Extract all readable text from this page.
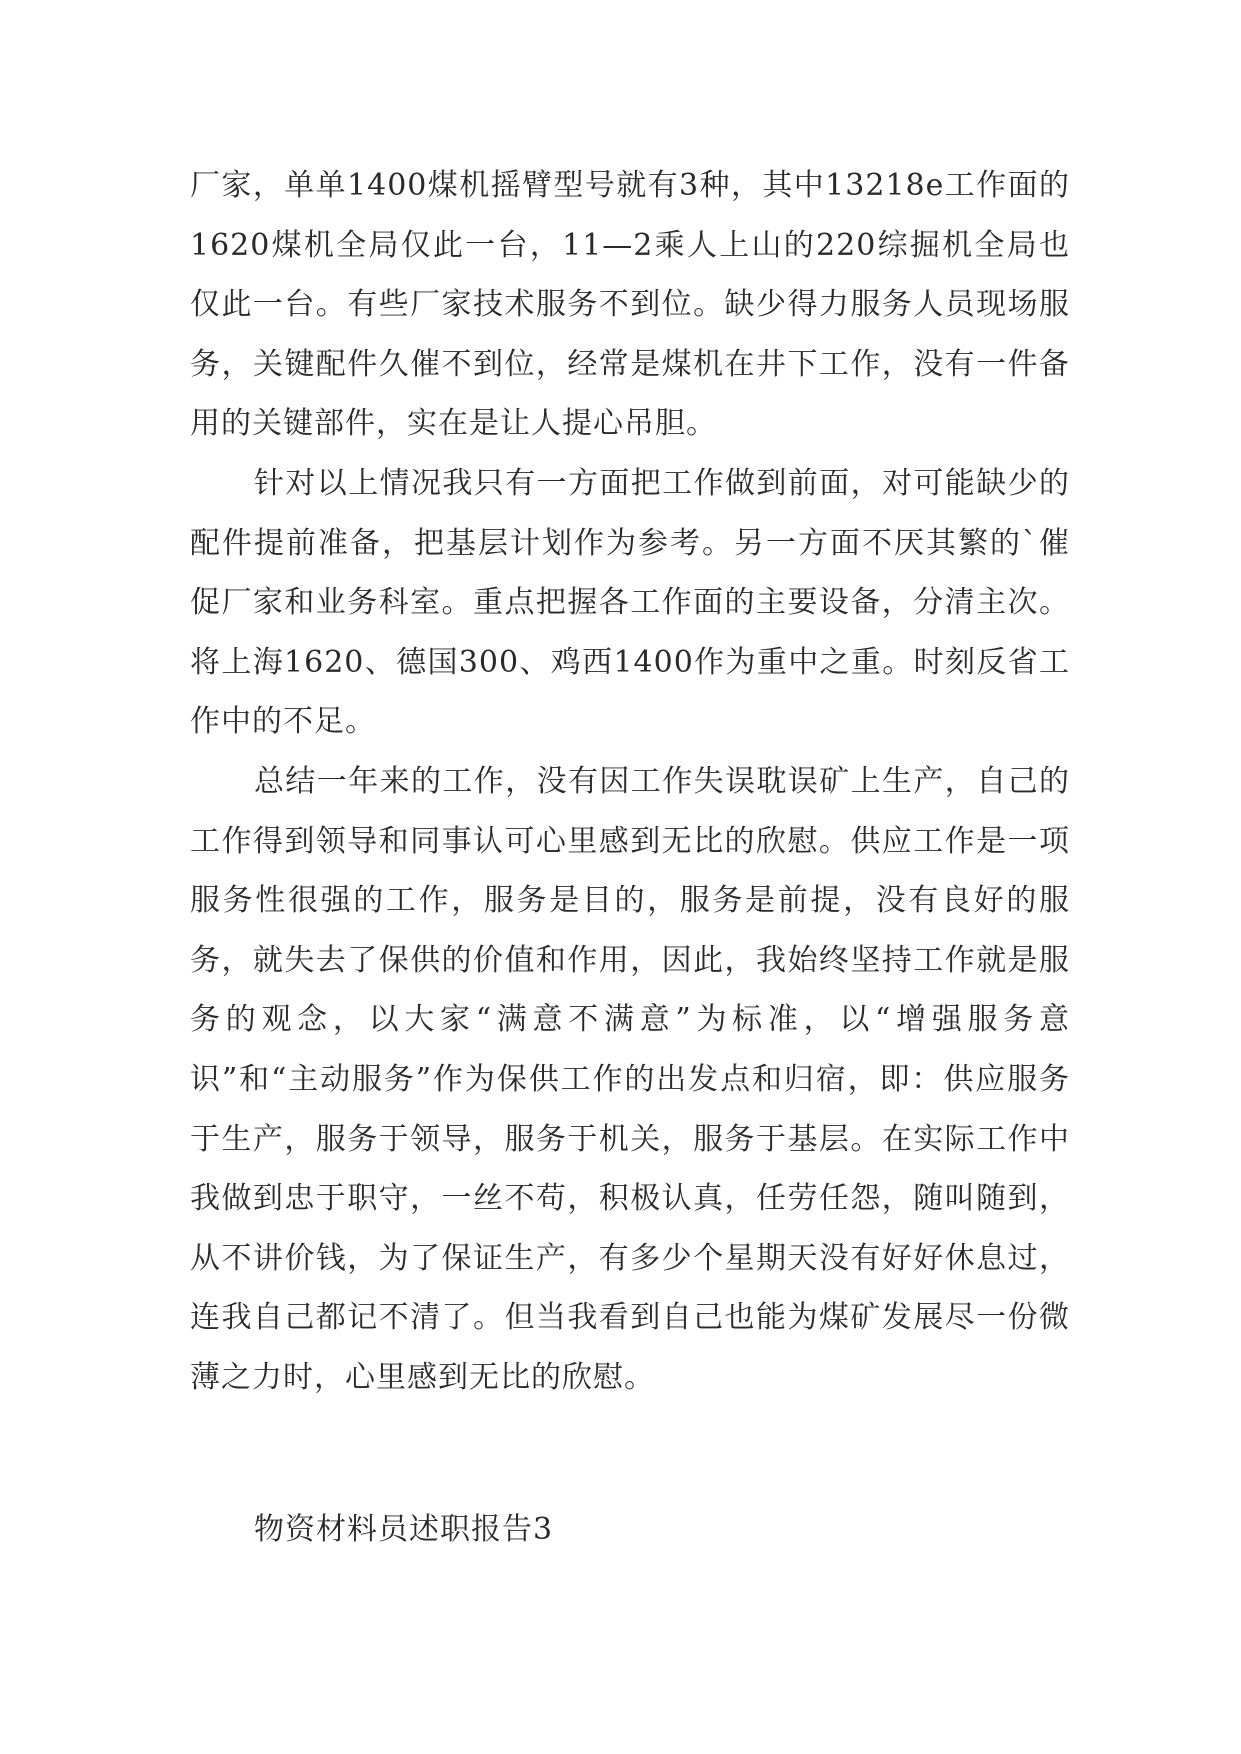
厂家，单单1400煤机摇臂型号就有3种，其中13218e工作面的1620煤机全局仅此一台，11—2乘人上山的220综掘机全局也仅此一台。有些厂家技术服务不到位。缺少得力服务人员现场服务，关键配件久催不到位，经常是煤机在井下工作，没有一件备用的关键部件，实在是让人提心吊胆。

针对以上情况我只有一方面把工作做到前面，对可能缺少的配件提前准备，把基层计划作为参考。另一方面不厌其繁的`催促厂家和业务科室。重点把握各工作面的主要设备，分清主次。将上海1620、德国300、鸡西1400作为重中之重。时刻反省工作中的不足。

总结一年来的工作，没有因工作失误耽误矿上生产，自己的工作得到领导和同事认可心里感到无比的欣慰。供应工作是一项服务性很强的工作，服务是目的，服务是前提，没有良好的服务，就失去了保供的价值和作用，因此，我始终坚持工作就是服务的观念，以大家“满意不满意”为标准，以“增强服务意识”和“主动服务”作为保供工作的出发点和归宿，即：供应服务于生产，服务于领导，服务于机关，服务于基层。在实际工作中我做到忠于职守，一丝不苟，积极认真，任劳任怨，随叫随到，从不讲价钱，为了保证生产，有多少个星期天没有好好休息过，连我自己都记不清了。但当我看到自己也能为煤矿发展尽一份微薄之力时，心里感到无比的欣慰。

物资材料员述职报告3
